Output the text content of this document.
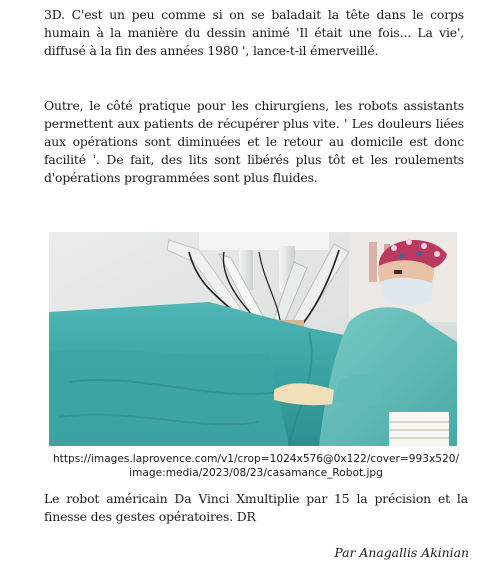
3D. C'est un peu comme si on se baladait la tête dans le corps humain à la manière du dessin animé 'Il était une fois... La vie', diffusé à la fin des années 1980 ', lance-t-il émerveillé.

Outre, le côté pratique pour les chirurgiens, les robots assistants permettent aux patients de récupérer plus vite. ' Les douleurs liées aux opérations sont diminuées et le retour au domicile est donc facilité '. De fait, des lits sont libérés plus tôt et les roulements d'opérations programmées sont plus fluides.

https://images.laprovence.com/v1/crop=1024x576@0x122/cover=993x520/
image:media/2023/08/23/casamance_Robot.jpg

Le robot américain Da Vinci Xmultiplie par 15 la précision et la finesse des gestes opératoires. DR

Par Anagallis Akinian
